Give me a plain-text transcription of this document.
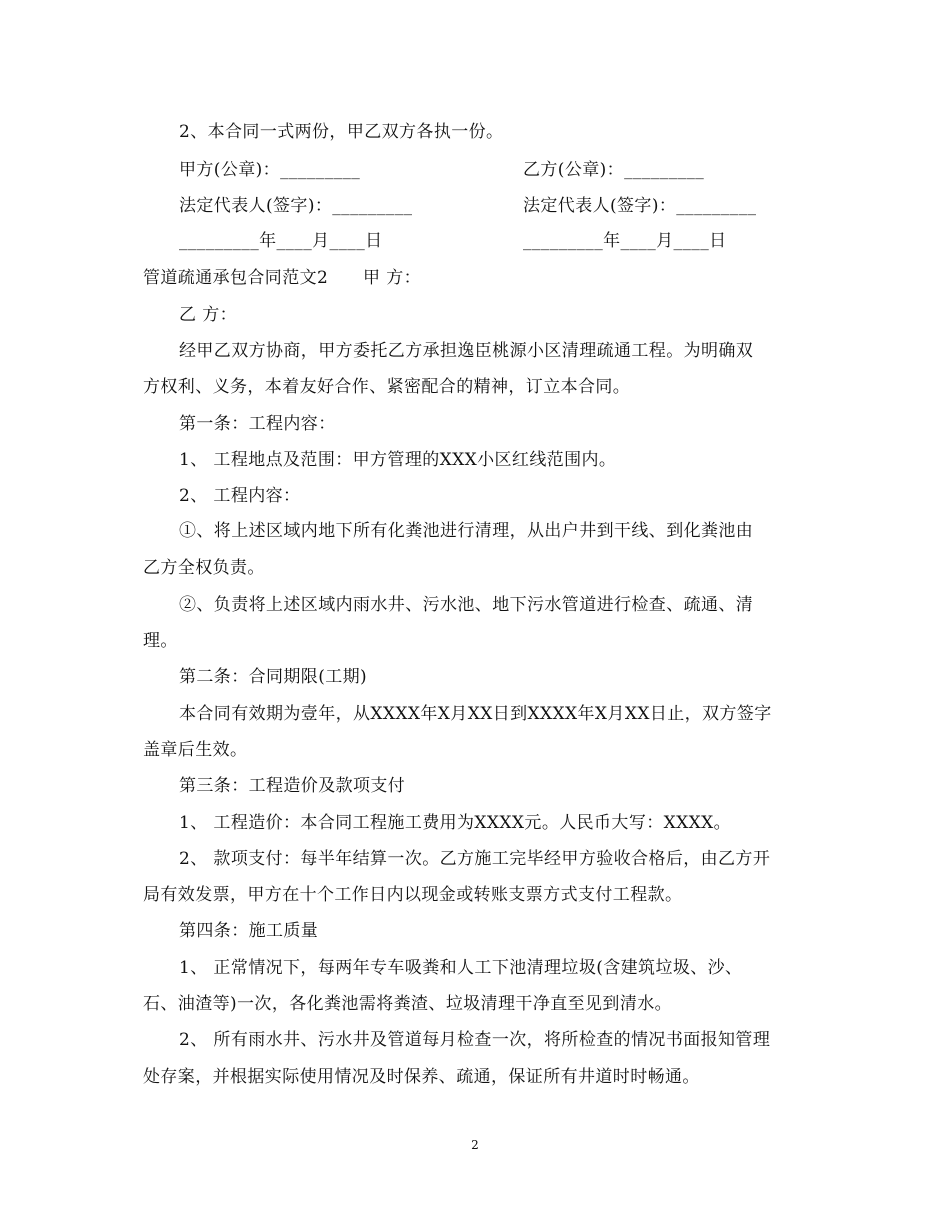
2、本合同一式两份，甲乙双方各执一份。
甲方(公章)：_________	乙方(公章)：_________
法定代表人(签字)：_________	法定代表人(签字)：_________
_________年____月____日	_________年____月____日
管道疏通承包合同范文2　　甲 方：
乙 方：
经甲乙双方协商，甲方委托乙方承担逸臣桃源小区清理疏通工程。为明确双
方权利、义务，本着友好合作、紧密配合的精神，订立本合同。
第一条：工程内容：
1、 工程地点及范围：甲方管理的XXX小区红线范围内。
2、 工程内容：
①、将上述区域内地下所有化粪池进行清理，从出户井到干线、到化粪池由
乙方全权负责。
②、负责将上述区域内雨水井、污水池、地下污水管道进行检查、疏通、清
理。
第二条：合同期限(工期)
本合同有效期为壹年，从XXXX年X月XX日到XXXX年X月XX日止，双方签字
盖章后生效。
第三条：工程造价及款项支付
1、 工程造价：本合同工程施工费用为XXXX元。人民币大写：XXXX。
2、 款项支付：每半年结算一次。乙方施工完毕经甲方验收合格后，由乙方开
局有效发票，甲方在十个工作日内以现金或转账支票方式支付工程款。
第四条：施工质量
1、 正常情况下，每两年专车吸粪和人工下池清理垃圾(含建筑垃圾、沙、
石、油渣等)一次，各化粪池需将粪渣、垃圾清理干净直至见到清水。
2、 所有雨水井、污水井及管道每月检查一次，将所检查的情况书面报知管理
处存案，并根据实际使用情况及时保养、疏通，保证所有井道时时畅通。
2
